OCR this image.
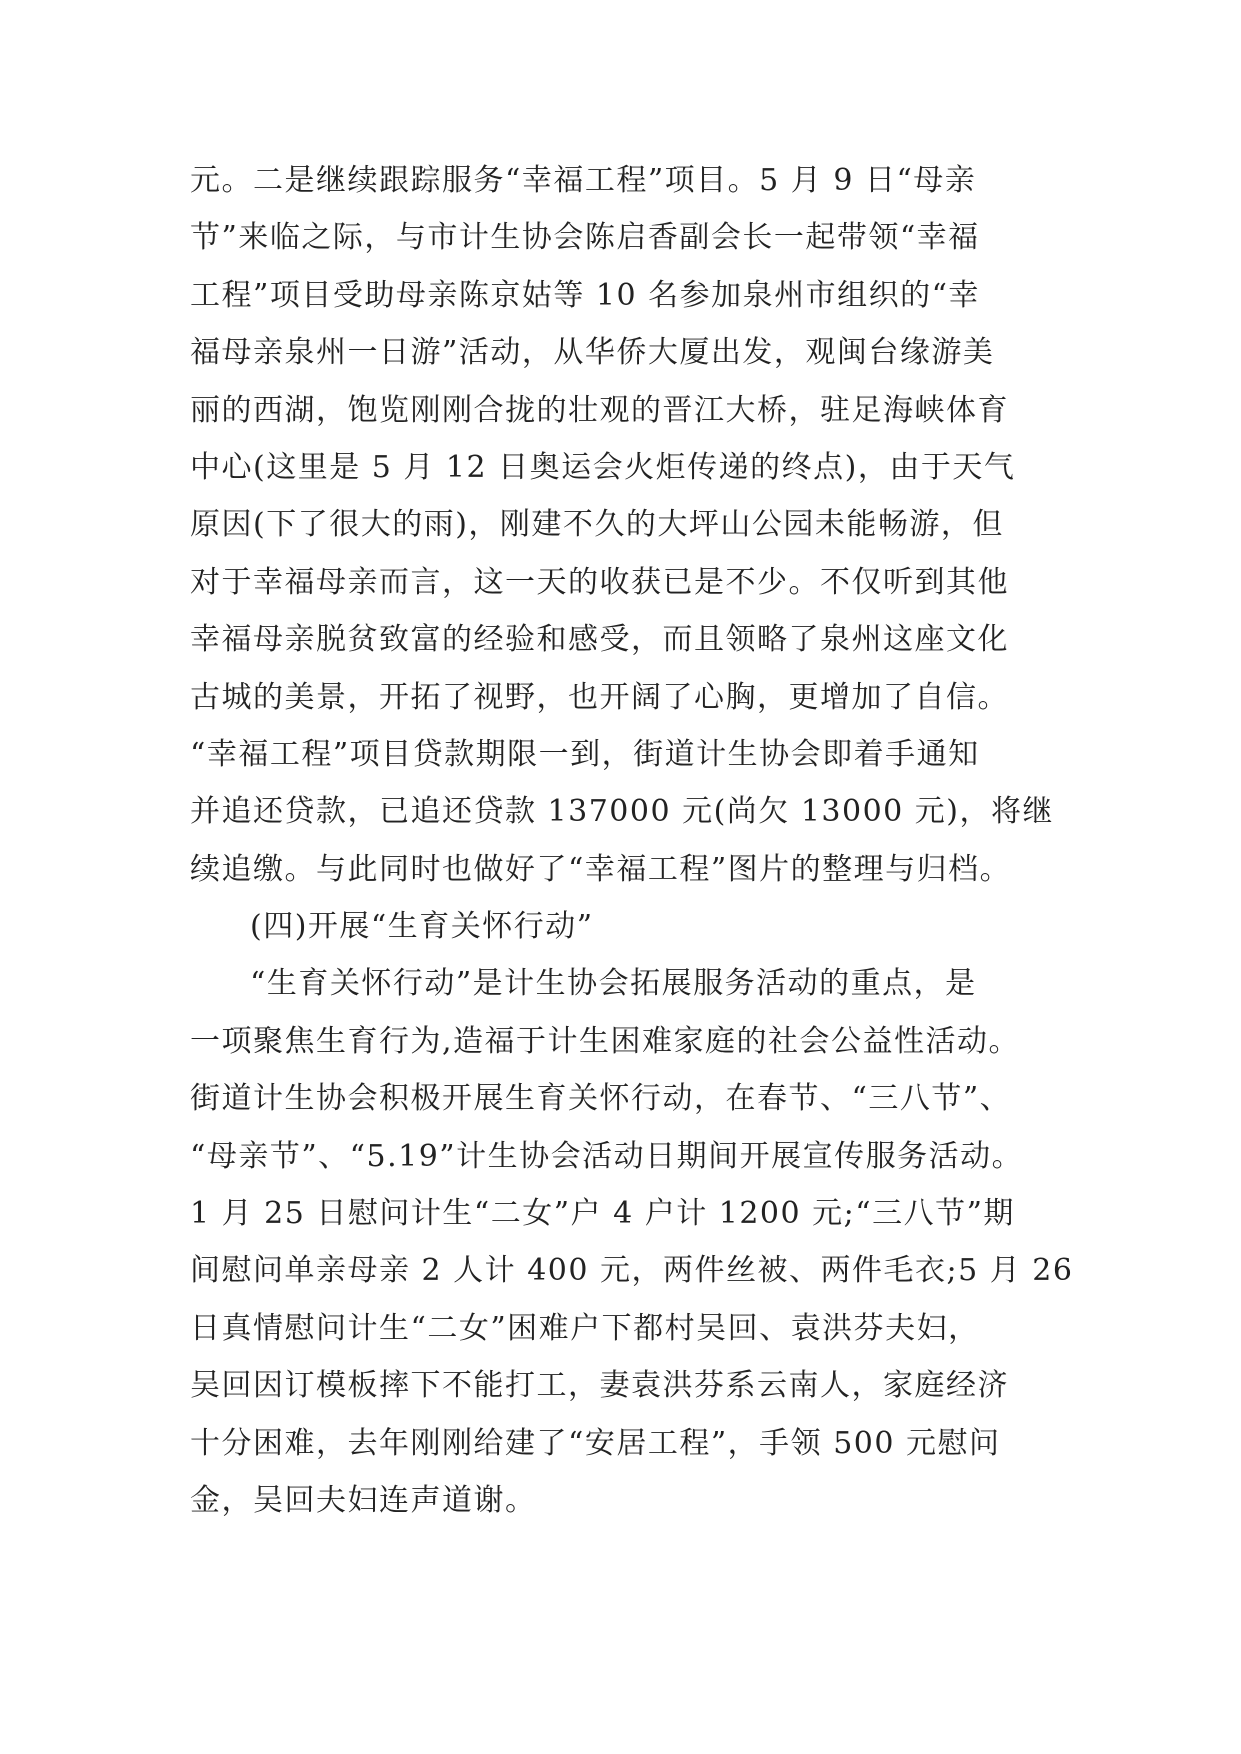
元。二是继续跟踪服务“幸福工程”项目。5 月 9 日“母亲
节”来临之际，与市计生协会陈启香副会长一起带领“幸福
工程”项目受助母亲陈京姑等 10 名参加泉州市组织的“幸
福母亲泉州一日游”活动，从华侨大厦出发，观闽台缘游美
丽的西湖，饱览刚刚合拢的壮观的晋江大桥，驻足海峡体育
中心(这里是 5 月 12 日奥运会火炬传递的终点)，由于天气
原因(下了很大的雨)，刚建不久的大坪山公园未能畅游，但
对于幸福母亲而言，这一天的收获已是不少。不仅听到其他
幸福母亲脱贫致富的经验和感受，而且领略了泉州这座文化
古城的美景，开拓了视野，也开阔了心胸，更增加了自信。
“幸福工程”项目贷款期限一到，街道计生协会即着手通知
并追还贷款，已追还贷款 137000 元(尚欠 13000 元)，将继
续追缴。与此同时也做好了“幸福工程”图片的整理与归档。
(四)开展“生育关怀行动”
“生育关怀行动”是计生协会拓展服务活动的重点，是
一项聚焦生育行为,造福于计生困难家庭的社会公益性活动。
街道计生协会积极开展生育关怀行动，在春节、“三八节”、
“母亲节”、“5.19”计生协会活动日期间开展宣传服务活动。
1 月 25 日慰问计生“二女”户 4 户计 1200 元;“三八节”期
间慰问单亲母亲 2 人计 400 元，两件丝被、两件毛衣;5 月 26
日真情慰问计生“二女”困难户下都村吴回、袁洪芬夫妇，
吴回因订模板摔下不能打工，妻袁洪芬系云南人，家庭经济
十分困难，去年刚刚给建了“安居工程”，手领 500 元慰问
金，吴回夫妇连声道谢。
